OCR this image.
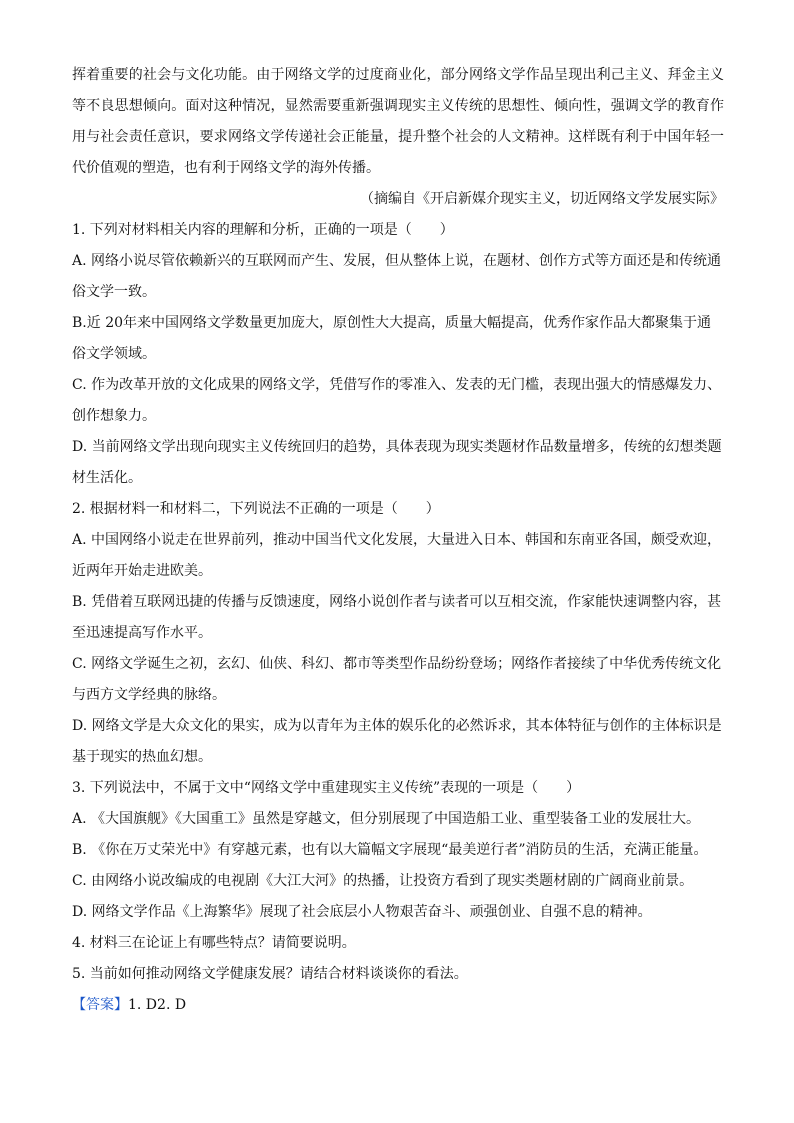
挥着重要的社会与文化功能。由于网络文学的过度商业化，部分网络文学作品呈现出利己主义、拜金主义等不良思想倾向。面对这种情况，显然需要重新强调现实主义传统的思想性、倾向性，强调文学的教育作用与社会责任意识，要求网络文学传递社会正能量，提升整个社会的人文精神。这样既有利于中国年轻一代价值观的塑造，也有利于网络文学的海外传播。

（摘编自《开启新媒介现实主义，切近网络文学发展实际》

1. 下列对材料相关内容的理解和分析，正确的一项是（　　）

A. 网络小说尽管依赖新兴的互联网而产生、发展，但从整体上说，在题材、创作方式等方面还是和传统通俗文学一致。

B.近 20年来中国网络文学数量更加庞大，原创性大大提高，质量大幅提高，优秀作家作品大都聚集于通俗文学领域。

C. 作为改革开放的文化成果的网络文学，凭借写作的零准入、发表的无门槛，表现出强大的情感爆发力、创作想象力。

D. 当前网络文学出现向现实主义传统回归的趋势，具体表现为现实类题材作品数量增多，传统的幻想类题材生活化。

2. 根据材料一和材料二，下列说法不正确的一项是（　　）

A. 中国网络小说走在世界前列，推动中国当代文化发展，大量进入日本、韩国和东南亚各国，颇受欢迎，近两年开始走进欧美。

B. 凭借着互联网迅捷的传播与反馈速度，网络小说创作者与读者可以互相交流，作家能快速调整内容，甚至迅速提高写作水平。

C. 网络文学诞生之初，玄幻、仙侠、科幻、都市等类型作品纷纷登场；网络作者接续了中华优秀传统文化与西方文学经典的脉络。

D. 网络文学是大众文化的果实，成为以青年为主体的娱乐化的必然诉求，其本体特征与创作的主体标识是基于现实的热血幻想。

3. 下列说法中，不属于文中“网络文学中重建现实主义传统”表现的一项是（　　）

A. 《大国旗舰》《大国重工》虽然是穿越文，但分别展现了中国造船工业、重型装备工业的发展壮大。

B. 《你在万丈荣光中》有穿越元素，也有以大篇幅文字展现“最美逆行者”消防员的生活，充满正能量。

C. 由网络小说改编成的电视剧《大江大河》的热播，让投资方看到了现实类题材剧的广阔商业前景。

D. 网络文学作品《上海繁华》展现了社会底层小人物艰苦奋斗、顽强创业、自强不息的精神。

4. 材料三在论证上有哪些特点？请简要说明。

5. 当前如何推动网络文学健康发展？请结合材料谈谈你的看法。

【答案】1. D2. D
